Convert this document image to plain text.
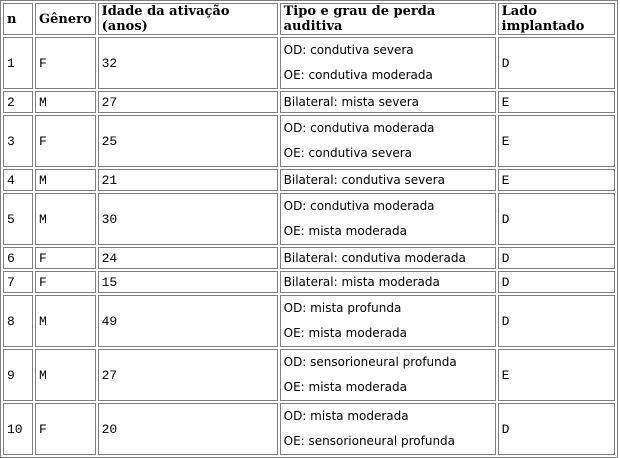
n	Gênero	Idade da ativação (anos)	Tipo e grau de perda auditiva	Lado implantado
1	F	32	OD: condutiva severa
OE: condutiva moderada	D
2	M	27	Bilateral: mista severa	E
3	F	25	OD: condutiva moderada
OE: condutiva severa	E
4	M	21	Bilateral: condutiva severa	E
5	M	30	OD: condutiva moderada
OE: mista moderada	D
6	F	24	Bilateral: condutiva moderada	D
7	F	15	Bilateral: mista moderada	D
8	M	49	OD: mista profunda
OE: mista moderada	D
9	M	27	OD: sensorioneural profunda
OE: mista moderada	E
10	F	20	OD: mista moderada
OE: sensorioneural profunda	D
